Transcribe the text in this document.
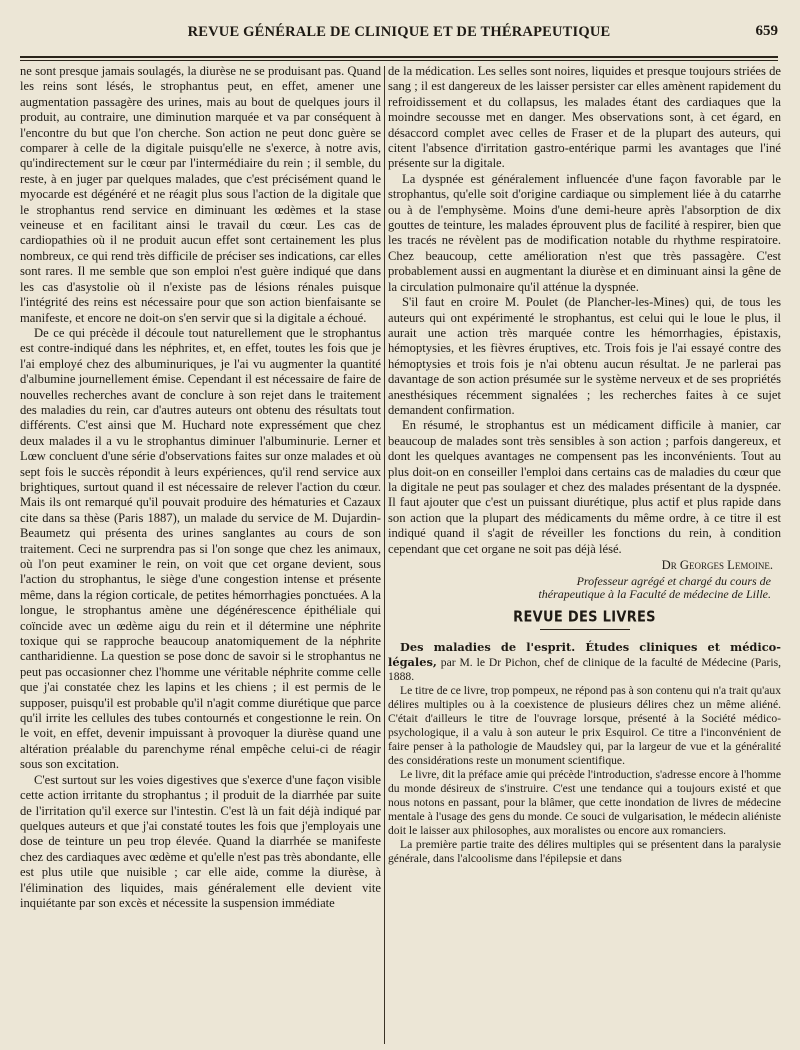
REVUE GÉNÉRALE DE CLINIQUE ET DE THÉRAPEUTIQUE	659

ne sont presque jamais soulagés, la diurèse ne se produisant pas. Quand les reins sont lésés, le strophantus peut, en effet, amener une augmentation passagère des urines, mais au bout de quelques jours il produit, au contraire, une diminution marquée et va par conséquent à l'encontre du but que l'on cherche. Son action ne peut donc guère se comparer à celle de la digitale puisqu'elle ne s'exerce, à notre avis, qu'indirectement sur le cœur par l'intermédiaire du rein ; il semble, du reste, à en juger par quelques malades, que c'est précisément quand le myocarde est dégénéré et ne réagit plus sous l'action de la digitale que le strophantus rend service en diminuant les œdèmes et la stase veineuse et en facilitant ainsi le travail du cœur. Les cas de cardiopathies où il ne produit aucun effet sont certainement les plus nombreux, ce qui rend très difficile de préciser ses indications, car elles sont rares. Il me semble que son emploi n'est guère indiqué que dans les cas d'asystolie où il n'existe pas de lésions rénales puisque l'intégrité des reins est nécessaire pour que son action bienfaisante se manifeste, et encore ne doit-on s'en servir que si la digitale a échoué.

De ce qui précède il découle tout naturellement que le strophantus est contre-indiqué dans les néphrites, et, en effet, toutes les fois que je l'ai employé chez des albuminuriques, je l'ai vu augmenter la quantité d'albumine journellement émise. Cependant il est nécessaire de faire de nouvelles recherches avant de conclure à son rejet dans le traitement des maladies du rein, car d'autres auteurs ont obtenu des résultats tout différents. C'est ainsi que M. Huchard note expressément que chez deux malades il a vu le strophantus diminuer l'albuminurie. Lerner et Lœw concluent d'une série d'observations faites sur onze malades et où sept fois le succès répondit à leurs expériences, qu'il rend service aux brightiques, surtout quand il est nécessaire de relever l'action du cœur. Mais ils ont remarqué qu'il pouvait produire des hématuries et Cazaux cite dans sa thèse (Paris 1887), un malade du service de M. Dujardin-Beaumetz qui présenta des urines sanglantes au cours de son traitement. Ceci ne surprendra pas si l'on songe que chez les animaux, où l'on peut examiner le rein, on voit que cet organe devient, sous l'action du strophantus, le siège d'une congestion intense et présente même, dans la région corticale, de petites hémorrhagies ponctuées. A la longue, le strophantus amène une dégénérescence épithéliale qui coïncide avec un œdème aigu du rein et il détermine une néphrite toxique qui se rapproche beaucoup anatomiquement de la néphrite cantharidienne. La question se pose donc de savoir si le strophantus ne peut pas occasionner chez l'homme une véritable néphrite comme celle que j'ai constatée chez les lapins et les chiens ; il est permis de le supposer, puisqu'il est probable qu'il n'agit comme diurétique que parce qu'il irrite les cellules des tubes contournés et congestionne le rein. On le voit, en effet, devenir impuissant à provoquer la diurèse quand une altération préalable du parenchyme rénal empêche celui-ci de réagir sous son excitation.

C'est surtout sur les voies digestives que s'exerce d'une façon visible cette action irritante du strophantus ; il produit de la diarrhée par suite de l'irritation qu'il exerce sur l'intestin. C'est là un fait déjà indiqué par quelques auteurs et que j'ai constaté toutes les fois que j'employais une dose de teinture un peu trop élevée. Quand la diarrhée se manifeste chez des cardiaques avec œdème et qu'elle n'est pas très abondante, elle est plus utile que nuisible ; car elle aide, comme la diurèse, à l'élimination des liquides, mais généralement elle devient vite inquiétante par son excès et nécessite la suspension immédiate

de la médication. Les selles sont noires, liquides et presque toujours striées de sang ; il est dangereux de les laisser persister car elles amènent rapidement du refroidissement et du collapsus, les malades étant des cardiaques que la moindre secousse met en danger. Mes observations sont, à cet égard, en désaccord complet avec celles de Fraser et de la plupart des auteurs, qui citent l'absence d'irritation gastro-entérique parmi les avantages que l'iné présente sur la digitale.

La dyspnée est généralement influencée d'une façon favorable par le strophantus, qu'elle soit d'origine cardiaque ou simplement liée à du catarrhe ou à de l'emphysème. Moins d'une demi-heure après l'absorption de dix gouttes de teinture, les malades éprouvent plus de facilité à respirer, bien que les tracés ne révèlent pas de modification notable du rhythme respiratoire. Chez beaucoup, cette amélioration n'est que très passagère. C'est probablement aussi en augmentant la diurèse et en diminuant ainsi la gêne de la circulation pulmonaire qu'il atténue la dyspnée.

S'il faut en croire M. Poulet (de Plancher-les-Mines) qui, de tous les auteurs qui ont expérimenté le strophantus, est celui qui le loue le plus, il aurait une action très marquée contre les hémorrhagies, épistaxis, hémoptysies, et les fièvres éruptives, etc. Trois fois je l'ai essayé contre des hémoptysies et trois fois je n'ai obtenu aucun résultat. Je ne parlerai pas davantage de son action présumée sur le système nerveux et de ses propriétés anesthésiques récemment signalées ; les recherches faites à ce sujet demandent confirmation.

En résumé, le strophantus est un médicament difficile à manier, car beaucoup de malades sont très sensibles à son action ; parfois dangereux, et dont les quelques avantages ne compensent pas les inconvénients. Tout au plus doit-on en conseiller l'emploi dans certains cas de maladies du cœur que la digitale ne peut pas soulager et chez des malades présentant de la dyspnée. Il faut ajouter que c'est un puissant diurétique, plus actif et plus rapide dans son action que la plupart des médicaments du même ordre, à ce titre il est indiqué quand il s'agit de réveiller les fonctions du rein, à condition cependant que cet organe ne soit pas déjà lésé.

Dr Georges Lemoine.

Professeur agrégé et chargé du cours de thérapeutique à la Faculté de médecine de Lille.

REVUE DES LIVRES

Des maladies de l'esprit. Études cliniques et médico-légales, par M. le Dr Pichon, chef de clinique de la faculté de Médecine (Paris, 1888.

Le titre de ce livre, trop pompeux, ne répond pas à son contenu qui n'a trait qu'aux délires multiples ou à la coexistence de plusieurs délires chez un même aliéné. C'était d'ailleurs le titre de l'ouvrage lorsque, présenté à la Société médico-psychologique, il a valu à son auteur le prix Esquirol. Ce titre a l'inconvénient de faire penser à la pathologie de Maudsley qui, par la largeur de vue et la généralité des considérations reste un monument scientifique.

Le livre, dit la préface amie qui précède l'introduction, s'adresse encore à l'homme du monde désireux de s'instruire. C'est une tendance qui a toujours existé et que nous notons en passant, pour la blâmer, que cette inondation de livres de médecine mentale à l'usage des gens du monde. Ce souci de vulgarisation, le médecin aliéniste doit le laisser aux philosophes, aux moralistes ou encore aux romanciers.

La première partie traite des délires multiples qui se présentent dans la paralysie générale, dans l'alcoolisme dans l'épilepsie et dans
